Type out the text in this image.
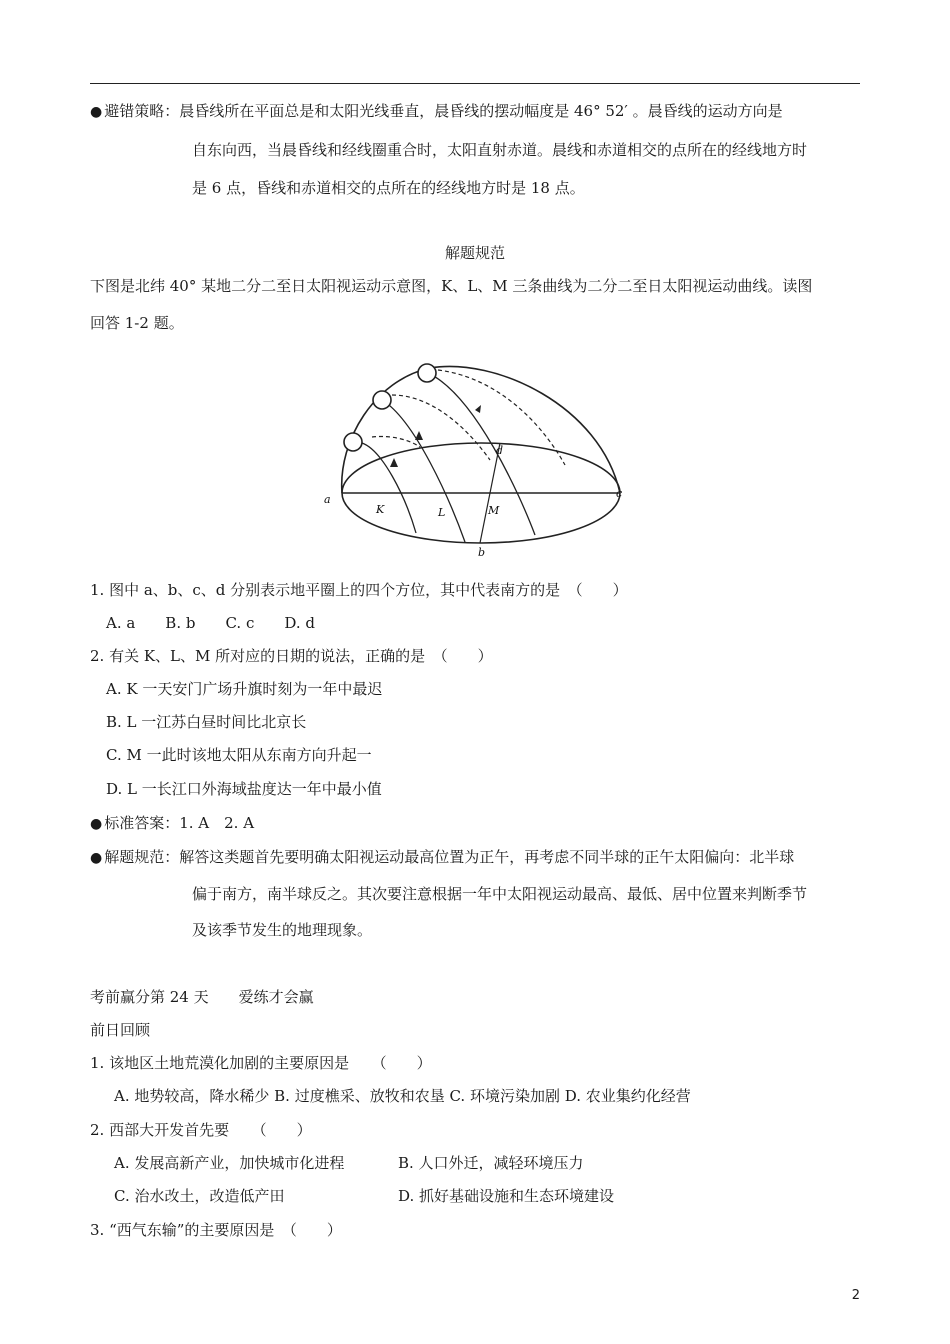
● 避错策略：晨昏线所在平面总是和太阳光线垂直，晨昏线的摆动幅度是 46° 52′ 。晨昏线的运动方向是
自东向西，当晨昏线和经线圈重合时，太阳直射赤道。晨线和赤道相交的点所在的经线地方时
是 6 点，昏线和赤道相交的点所在的经线地方时是 18 点。
解题规范
下图是北纬 40° 某地二分二至日太阳视运动示意图，K、L、M 三条曲线为二分二至日太阳视运动曲线。读图
回答 1-2 题。
a
b
c
d
K	L	M
1. 图中 a、b、c、d 分别表示地平圈上的四个方位，其中代表南方的是　（　　）
A. a　　B. b　　C. c　　D. d
2. 有关 K、L、M 所对应的日期的说法，正确的是　（　　）
A. K 一天安门广场升旗时刻为一年中最迟
B. L 一江苏白昼时间比北京长
C. M 一此时该地太阳从东南方向升起一
D. L 一长江口外海域盐度达一年中最小值
● 标准答案：1. A　2. A
● 解题规范：解答这类题首先要明确太阳视运动最高位置为正午，再考虑不同半球的正午太阳偏向：北半球
偏于南方，南半球反之。其次要注意根据一年中太阳视运动最高、最低、居中位置来判断季节
及该季节发生的地理现象。
考前赢分第 24 天　　爱练才会赢
前日回顾
1. 该地区土地荒漠化加剧的主要原因是　　（　　）
A. 地势较高，降水稀少 B. 过度樵采、放牧和农垦 C. 环境污染加剧 D. 农业集约化经营
2. 西部大开发首先要　　（　　）
A. 发展高新产业，加快城市化进程	B. 人口外迁，减轻环境压力
C. 治水改土，改造低产田	D. 抓好基础设施和生态环境建设
3. “西气东输”的主要原因是　（　　）
2
